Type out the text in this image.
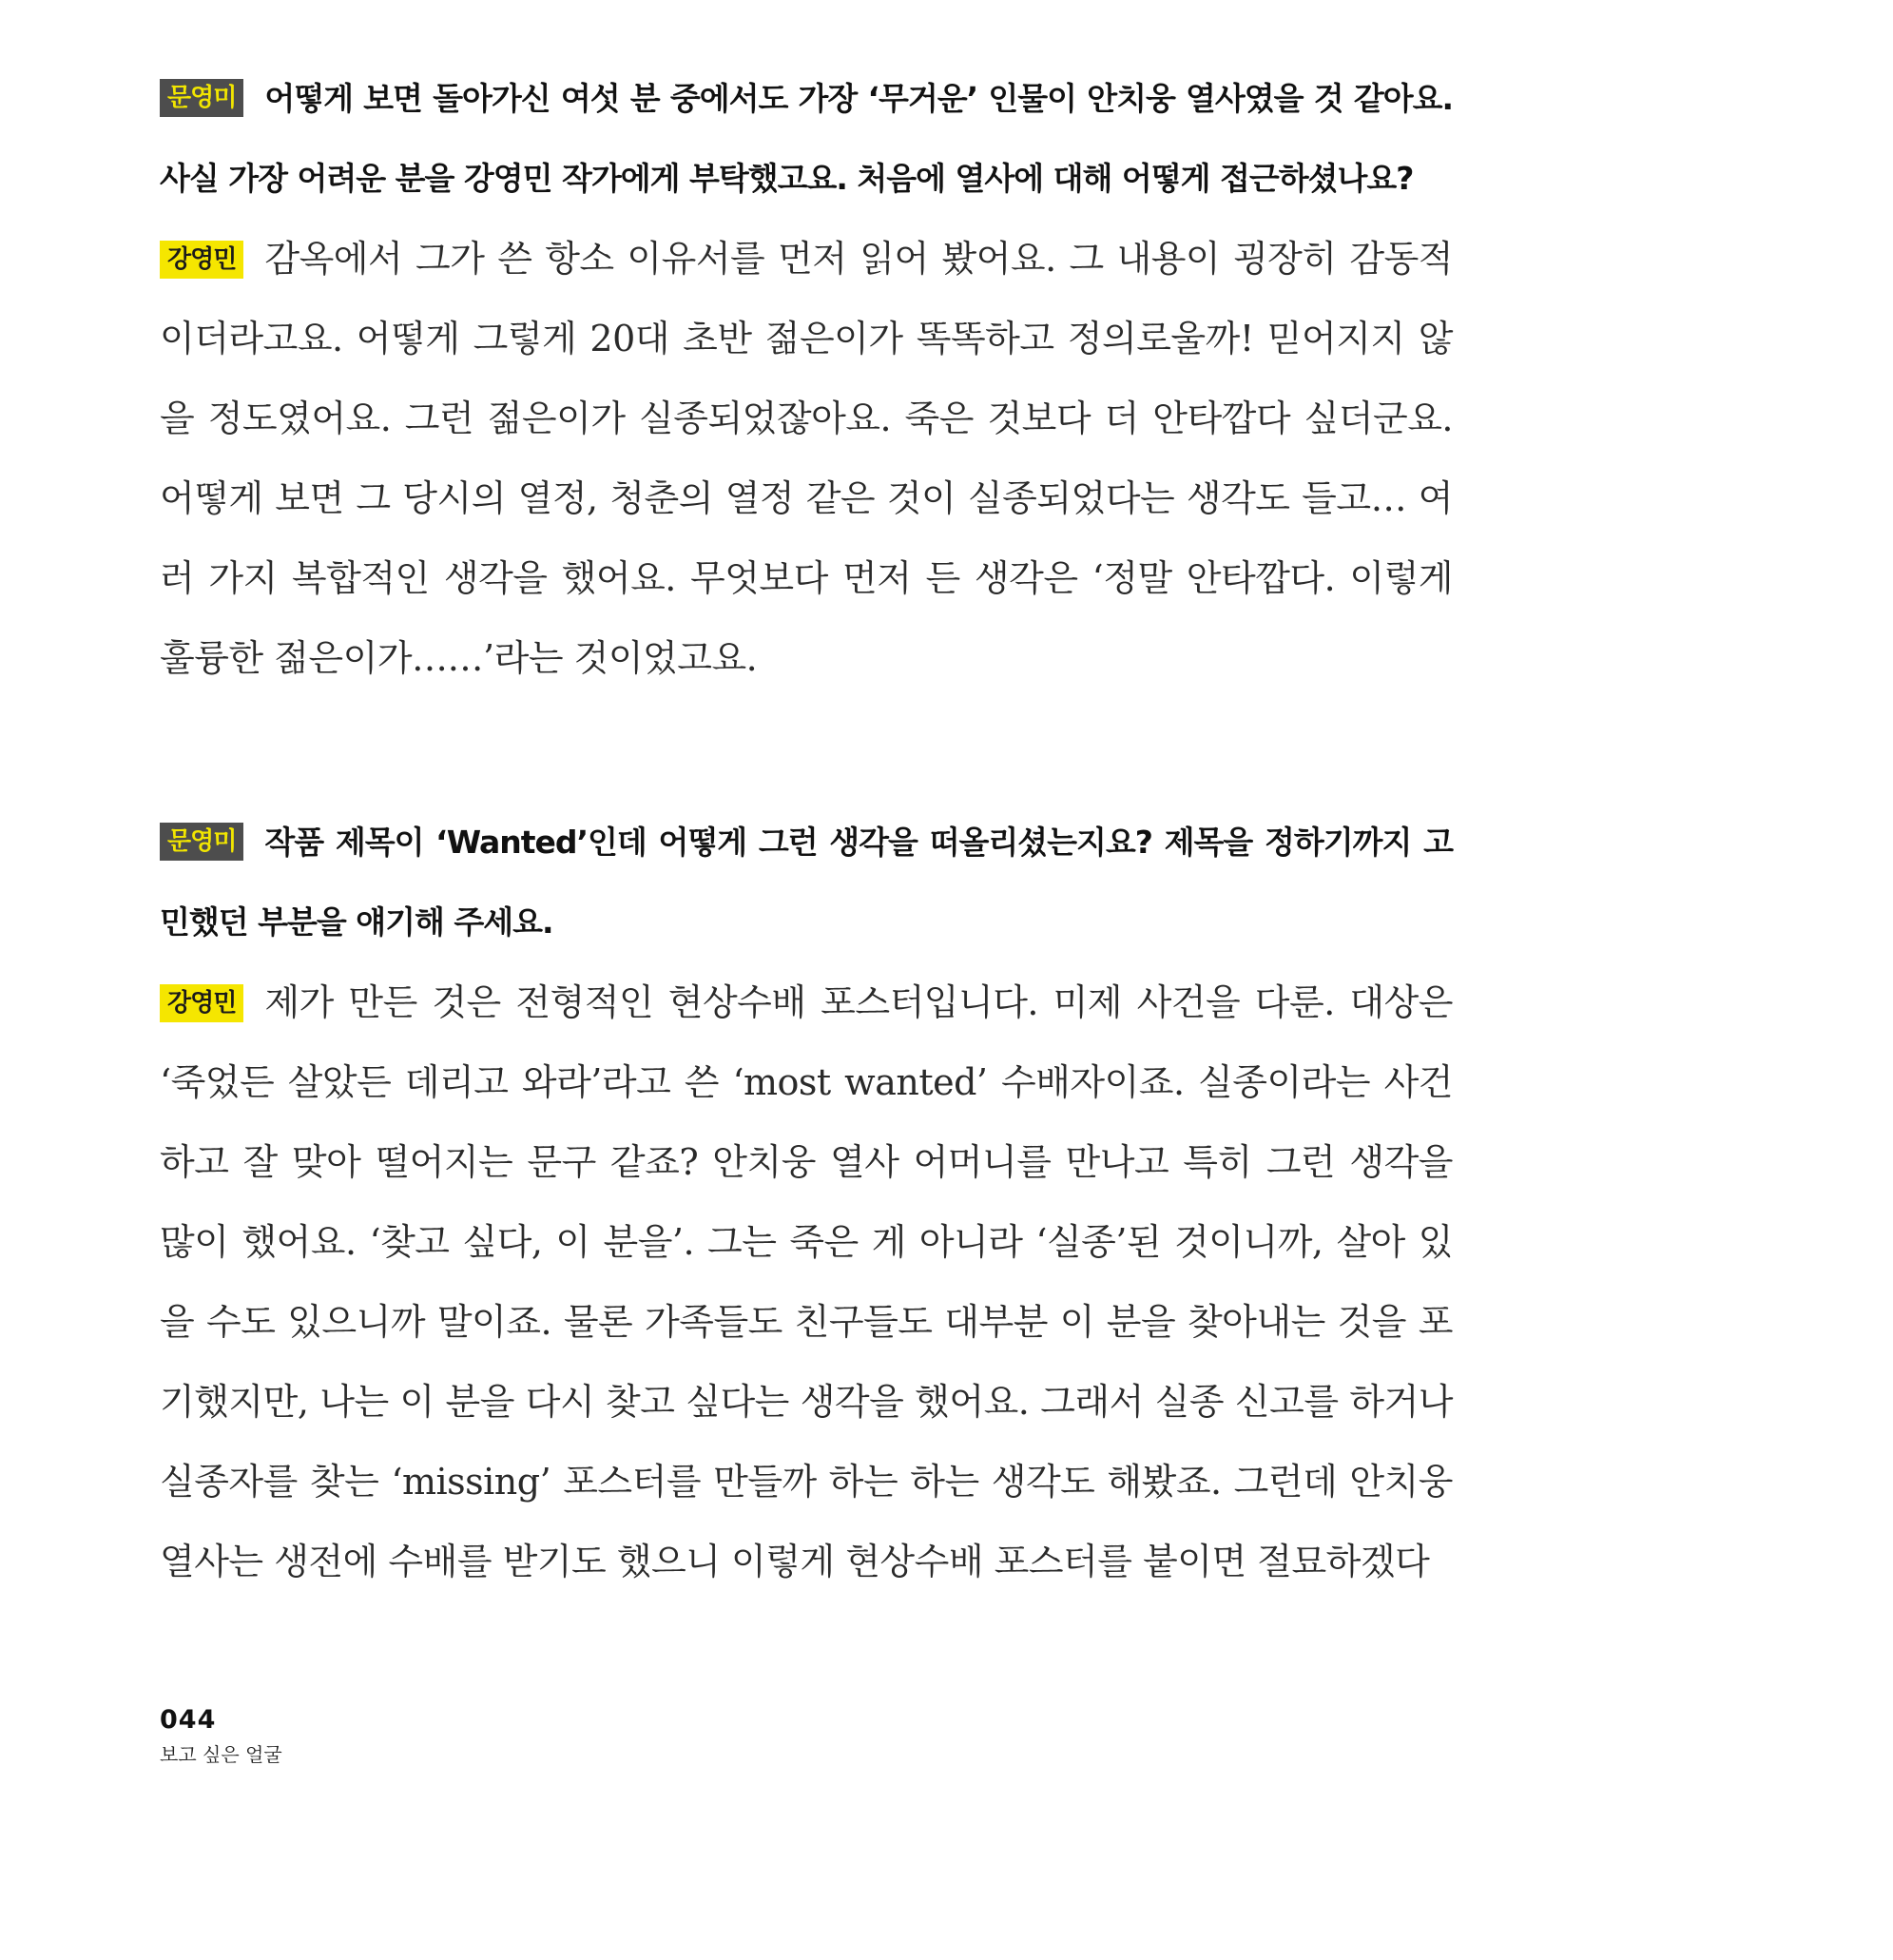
문영미 어떻게 보면 돌아가신 여섯 분 중에서도 가장 ‘무거운’ 인물이 안치웅 열사였을 것 같아요. 사실 가장 어려운 분을 강영민 작가에게 부탁했고요. 처음에 열사에 대해 어떻게 접근하셨나요?

강영민 감옥에서 그가 쓴 항소 이유서를 먼저 읽어 봤어요. 그 내용이 굉장히 감동적이더라고요. 어떻게 그렇게 20대 초반 젊은이가 똑똑하고 정의로울까! 믿어지지 않을 정도였어요. 그런 젊은이가 실종되었잖아요. 죽은 것보다 더 안타깝다 싶더군요. 어떻게 보면 그 당시의 열정, 청춘의 열정 같은 것이 실종되었다는 생각도 들고… 여러 가지 복합적인 생각을 했어요. 무엇보다 먼저 든 생각은 ‘정말 안타깝다. 이렇게 훌륭한 젊은이가……’라는 것이었고요.

문영미 작품 제목이 ‘Wanted’인데 어떻게 그런 생각을 떠올리셨는지요? 제목을 정하기까지 고민했던 부분을 얘기해 주세요.

강영민 제가 만든 것은 전형적인 현상수배 포스터입니다. 미제 사건을 다룬. 대상은 ‘죽었든 살았든 데리고 와라’라고 쓴 ‘most wanted’ 수배자이죠. 실종이라는 사건하고 잘 맞아 떨어지는 문구 같죠? 안치웅 열사 어머니를 만나고 특히 그런 생각을 많이 했어요. ‘찾고 싶다, 이 분을’. 그는 죽은 게 아니라 ‘실종’된 것이니까, 살아 있을 수도 있으니까 말이죠. 물론 가족들도 친구들도 대부분 이 분을 찾아내는 것을 포기했지만, 나는 이 분을 다시 찾고 싶다는 생각을 했어요. 그래서 실종 신고를 하거나 실종자를 찾는 ‘missing’ 포스터를 만들까 하는 하는 생각도 해봤죠. 그런데 안치웅 열사는 생전에 수배를 받기도 했으니 이렇게 현상수배 포스터를 붙이면 절묘하겠다

044
보고 싶은 얼굴
